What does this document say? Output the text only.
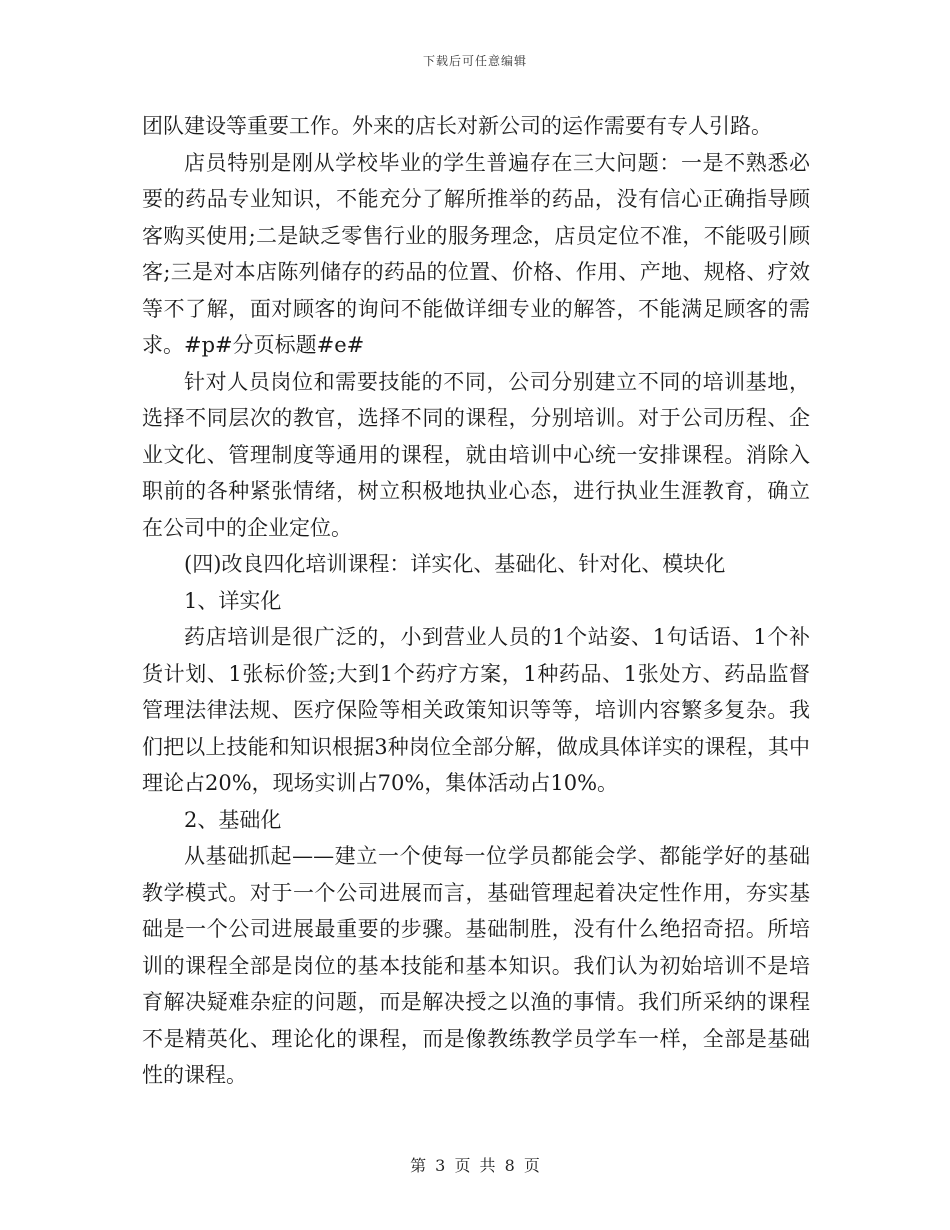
下载后可任意编辑

团队建设等重要工作。外来的店长对新公司的运作需要有专人引路。

店员特别是刚从学校毕业的学生普遍存在三大问题：一是不熟悉必要的药品专业知识，不能充分了解所推举的药品，没有信心正确指导顾客购买使用;二是缺乏零售行业的服务理念，店员定位不准，不能吸引顾客;三是对本店陈列储存的药品的位置、价格、作用、产地、规格、疗效等不了解，面对顾客的询问不能做详细专业的解答，不能满足顾客的需求。#p#分页标题#e#

针对人员岗位和需要技能的不同，公司分别建立不同的培训基地，选择不同层次的教官，选择不同的课程，分别培训。对于公司历程、企业文化、管理制度等通用的课程，就由培训中心统一安排课程。消除入职前的各种紧张情绪，树立积极地执业心态，进行执业生涯教育，确立在公司中的企业定位。

(四)改良四化培训课程：详实化、基础化、针对化、模块化

1、详实化

药店培训是很广泛的，小到营业人员的1个站姿、1句话语、1个补货计划、1张标价签;大到1个药疗方案，1种药品、1张处方、药品监督管理法律法规、医疗保险等相关政策知识等等，培训内容繁多复杂。我们把以上技能和知识根据3种岗位全部分解，做成具体详实的课程，其中理论占20%，现场实训占70%，集体活动占10%。

2、基础化

从基础抓起——建立一个使每一位学员都能会学、都能学好的基础教学模式。对于一个公司进展而言，基础管理起着决定性作用，夯实基础是一个公司进展最重要的步骤。基础制胜，没有什么绝招奇招。所培训的课程全部是岗位的基本技能和基本知识。我们认为初始培训不是培育解决疑难杂症的问题，而是解决授之以渔的事情。我们所采纳的课程不是精英化、理论化的课程，而是像教练教学员学车一样，全部是基础性的课程。

第 3 页 共 8 页
